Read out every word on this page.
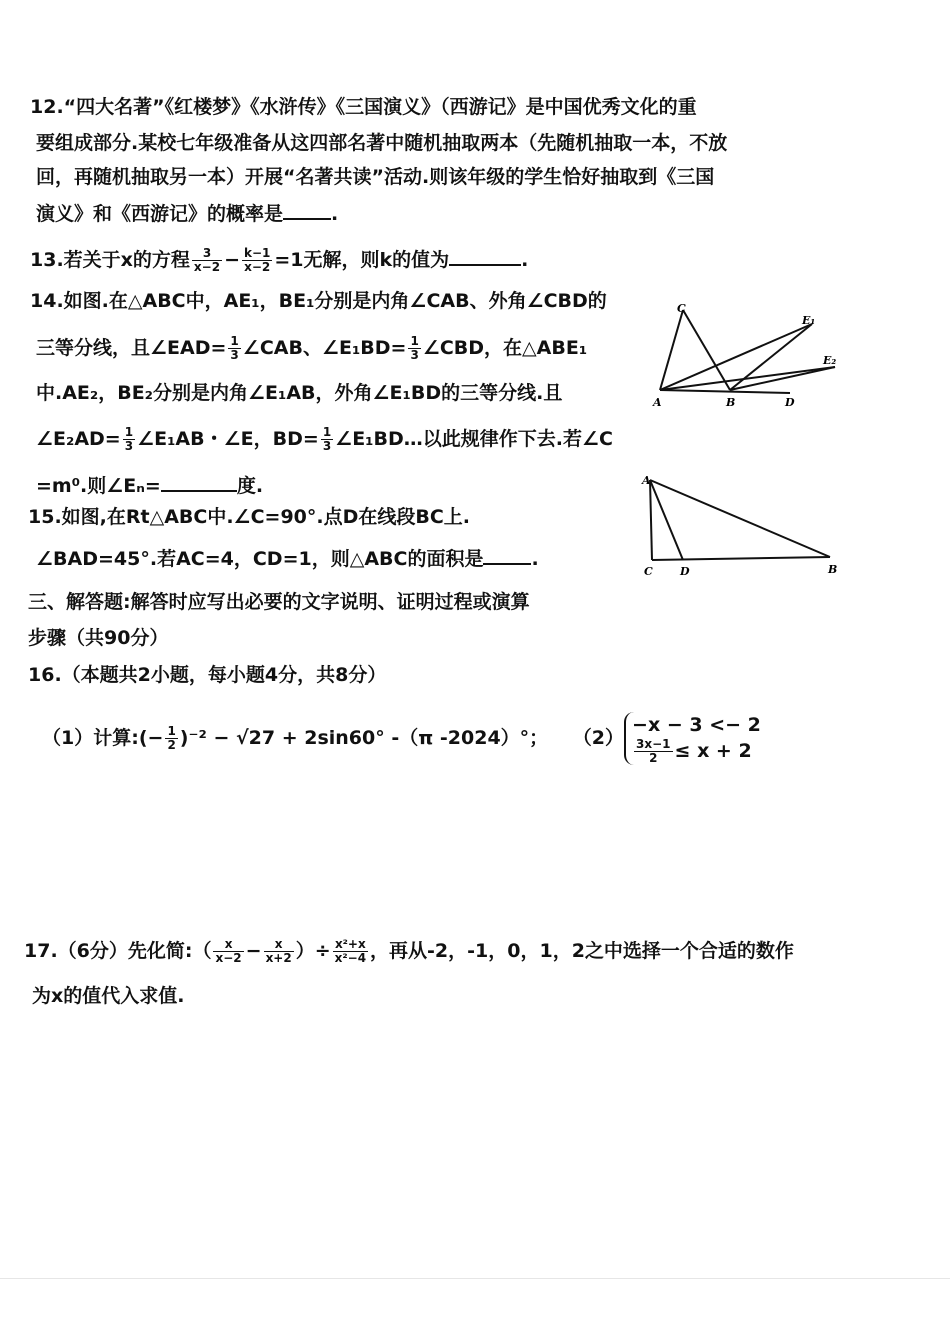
12.“四大名著”《红楼梦》《水浒传》《三国演义》（西游记》是中国优秀文化的重
要组成部分.某校七年级准备从这四部名著中随机抽取两本（先随机抽取一本，不放
回，再随机抽取另一本）开展“名著共读”活动.则该年级的学生恰好抽取到《三国
演义》和《西游记》的概率是	.
13.若关于x的方程 $\frac{3}{x-2} - \frac{k-1}{x-2} =1$无解，则k的值为	.
14.如图.在△ABC中，AE₁，BE₁分别是内角∠CAB、外角∠CBD的
三等分线，且∠EAD= $\frac{1}{3}$ ∠CAB、∠E₁BD= $\frac{1}{3}$ ∠CBD，在△ABE₁
中.AE₂，BE₂分别是内角∠E₁AB，外角∠E₁BD的三等分线.且
∠E₂AD= $\frac{1}{3}$ ∠E₁AB・∠E，$BD= \frac{1}{3}$ ∠E₁BD…以此规律作下去.若∠C
=m⁰.则∠Eₙ=	度.
C
A	B	D
E₁
E₂
15.如图,在Rt△ABC中.∠C=90°.点D在线段BC上.
∠BAD=45°.若AC=4，CD=1，则△ABC的面积是	.
A
C D	B
三、解答题:解答时应写出必要的文字说明、证明过程或演算
步骤（共90分）
16.（本题共2小题，每小题4分，共8分）
（1）计算:(− $\frac{1}{2} )^{-2} - √27 + 2\sin 60^\circ$ -（π -2024）°； （2）
−x − 3 <− 2
$\frac{3x-1}{2} \le x + 2$
17.（6分）先化简:（ $\frac{x}{x-2} - \frac{x}{x+2}$ ）÷ $\frac{\text{x²+x}}{\text{x²−4}}$ ，再从-2，-1，0，1，2之中选择一个合适的数作
为x的值代入求值.
